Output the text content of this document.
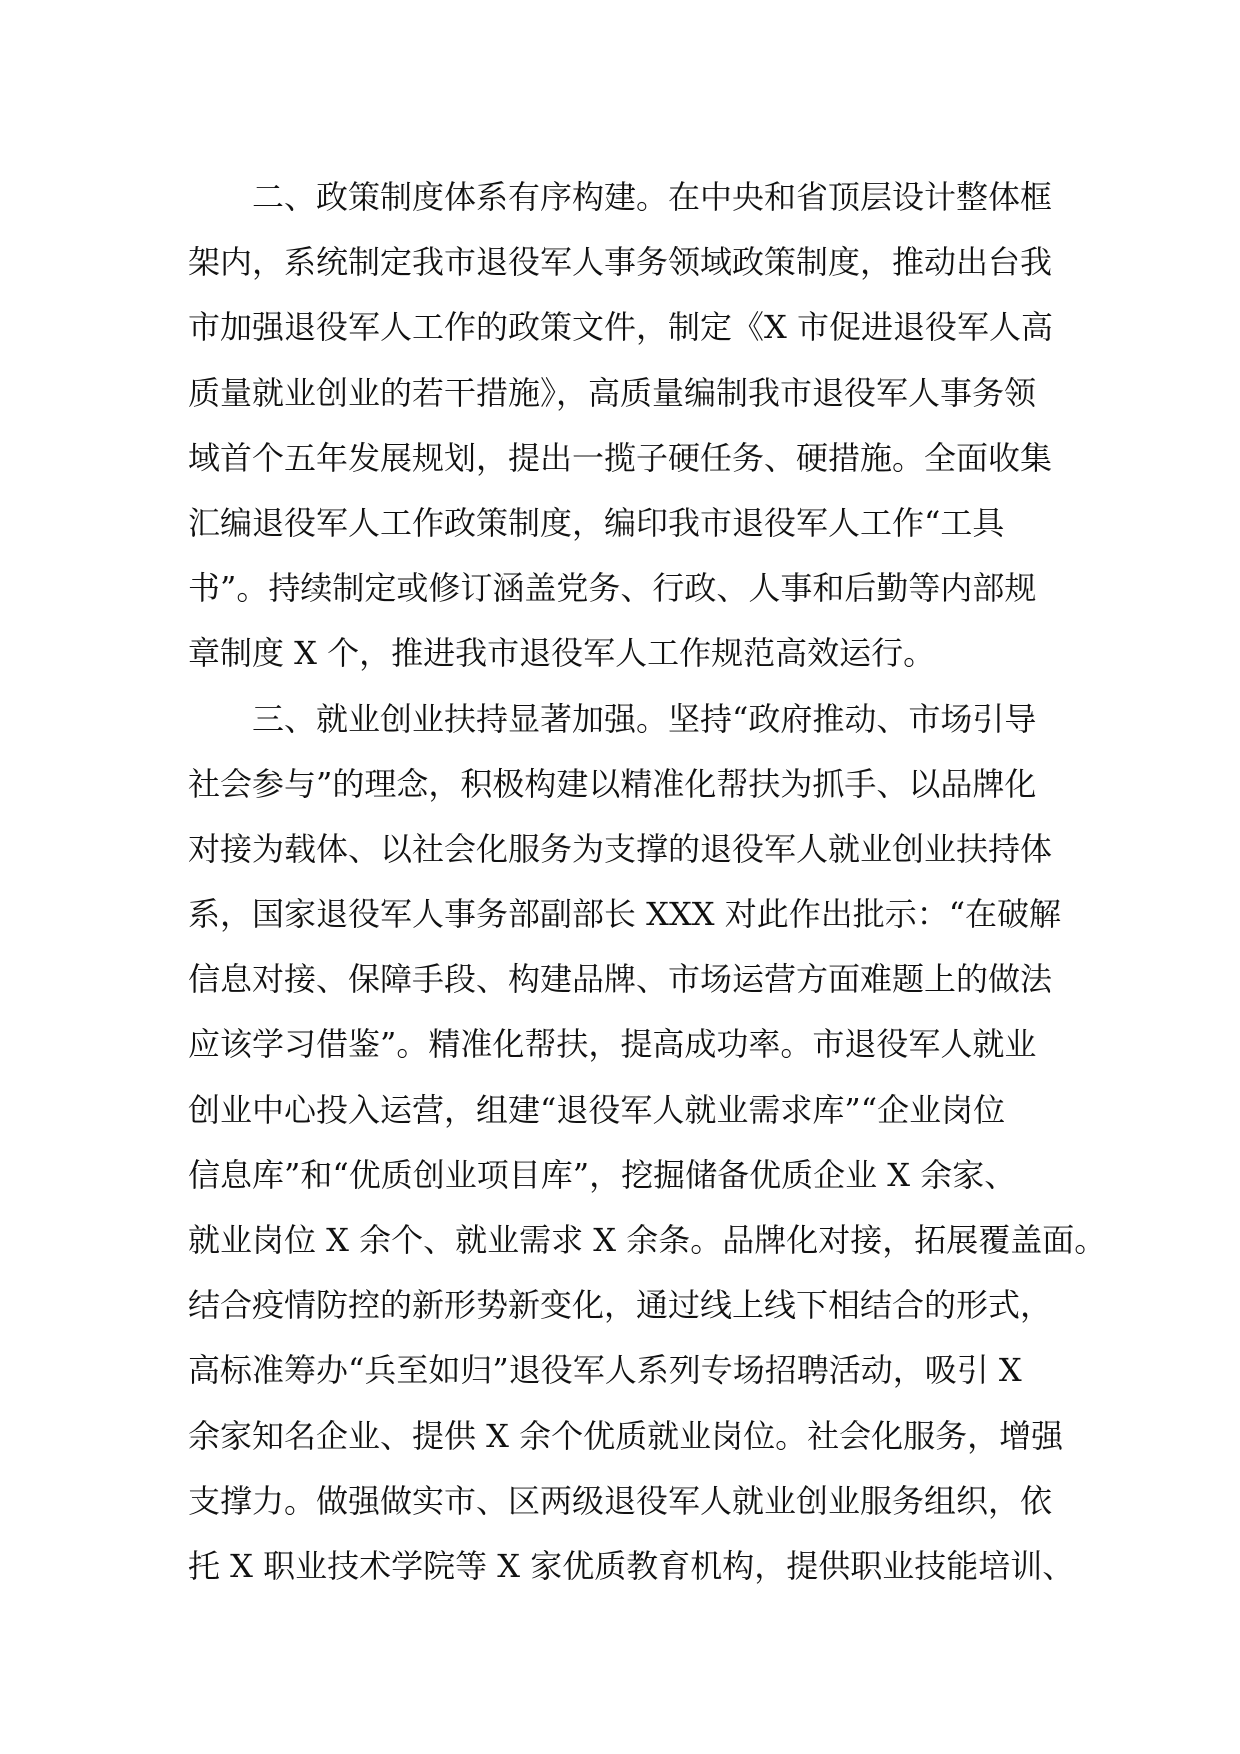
二、政策制度体系有序构建。在中央和省顶层设计整体框
架内，系统制定我市退役军人事务领域政策制度，推动出台我
市加强退役军人工作的政策文件，制定《X 市促进退役军人高
质量就业创业的若干措施》，高质量编制我市退役军人事务领
域首个五年发展规划，提出一揽子硬任务、硬措施。全面收集
汇编退役军人工作政策制度，编印我市退役军人工作“工具
书”。持续制定或修订涵盖党务、行政、人事和后勤等内部规
章制度 X 个，推进我市退役军人工作规范高效运行。
三、就业创业扶持显著加强。坚持“政府推动、市场引导
社会参与”的理念，积极构建以精准化帮扶为抓手、以品牌化
对接为载体、以社会化服务为支撑的退役军人就业创业扶持体
系，国家退役军人事务部副部长 XXX 对此作出批示：“在破解
信息对接、保障手段、构建品牌、市场运营方面难题上的做法
应该学习借鉴”。精准化帮扶，提高成功率。市退役军人就业
创业中心投入运营，组建“退役军人就业需求库”“企业岗位
信息库”和“优质创业项目库”，挖掘储备优质企业 X 余家、
就业岗位 X 余个、就业需求 X 余条。品牌化对接，拓展覆盖面。
结合疫情防控的新形势新变化，通过线上线下相结合的形式，
高标准筹办“兵至如归”退役军人系列专场招聘活动，吸引 X
余家知名企业、提供 X 余个优质就业岗位。社会化服务，增强
支撑力。做强做实市、区两级退役军人就业创业服务组织，依
托 X 职业技术学院等 X 家优质教育机构，提供职业技能培训、
